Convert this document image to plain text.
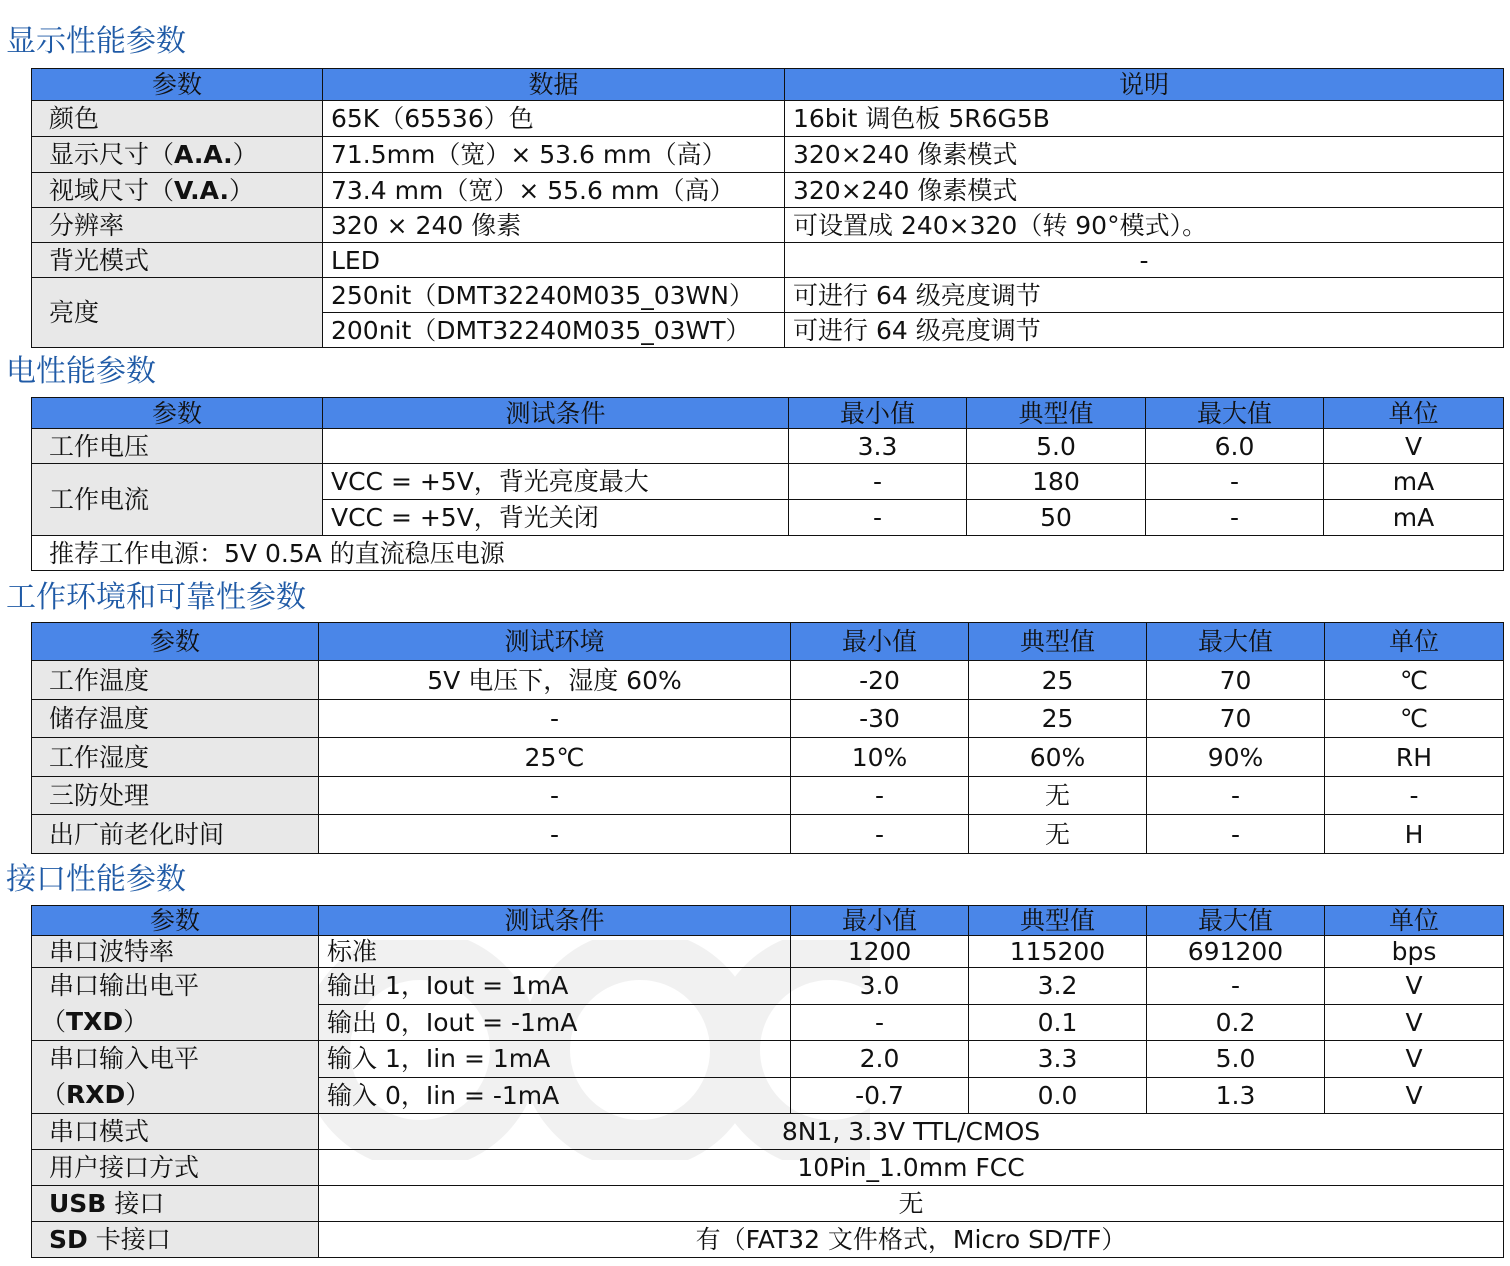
显示性能参数
参数	数据	说明
颜色	65K（65536）色	16bit 调色板 5R6G5B
显示尺寸（A.A.）	71.5mm（宽）× 53.6 mm（高）	320×240 像素模式
视域尺寸（V.A.）	73.4 mm（宽）× 55.6 mm（高）	320×240 像素模式
分辨率	320 × 240 像素	可设置成 240×320（转 90°模式）。
背光模式	LED	-
亮度	250nit（DMT32240M035_03WN）	可进行 64 级亮度调节
	200nit（DMT32240M035_03WT）	可进行 64 级亮度调节
电性能参数
参数	测试条件	最小值	典型值	最大值	单位
工作电压		3.3	5.0	6.0	V
工作电流	VCC = +5V，背光亮度最大	-	180	-	mA
	VCC = +5V，背光关闭	-	50	-	mA
推荐工作电源：5V 0.5A 的直流稳压电源					
工作环境和可靠性参数
参数	测试环境	最小值	典型值	最大值	单位
工作温度	5V 电压下，湿度 60%	-20	25	70	℃
储存温度	-	-30	25	70	℃
工作湿度	25℃	10%	60%	90%	RH
三防处理	-	-	无	-	-
出厂前老化时间	-	-	无	-	H
接口性能参数
参数	测试条件	最小值	典型值	最大值	单位
串口波特率	标准	1200	115200	691200	bps

串口输出电平
（TXD）	输出 1，Iout = 1mA	3.0	3.2	-	V
	输出 0，Iout = -1mA	-	0.1	0.2	V

串口输入电平
（RXD）	输入 1，Iin = 1mA	2.0	3.3	5.0	V
	输入 0，Iin = -1mA	-0.7	0.0	1.3	V
串口模式	8N1, 3.3V TTL/CMOS				
用户接口方式	10Pin_1.0mm FCC				
USB 接口	无				
SD 卡接口	有（FAT32 文件格式，Micro SD/TF）				
